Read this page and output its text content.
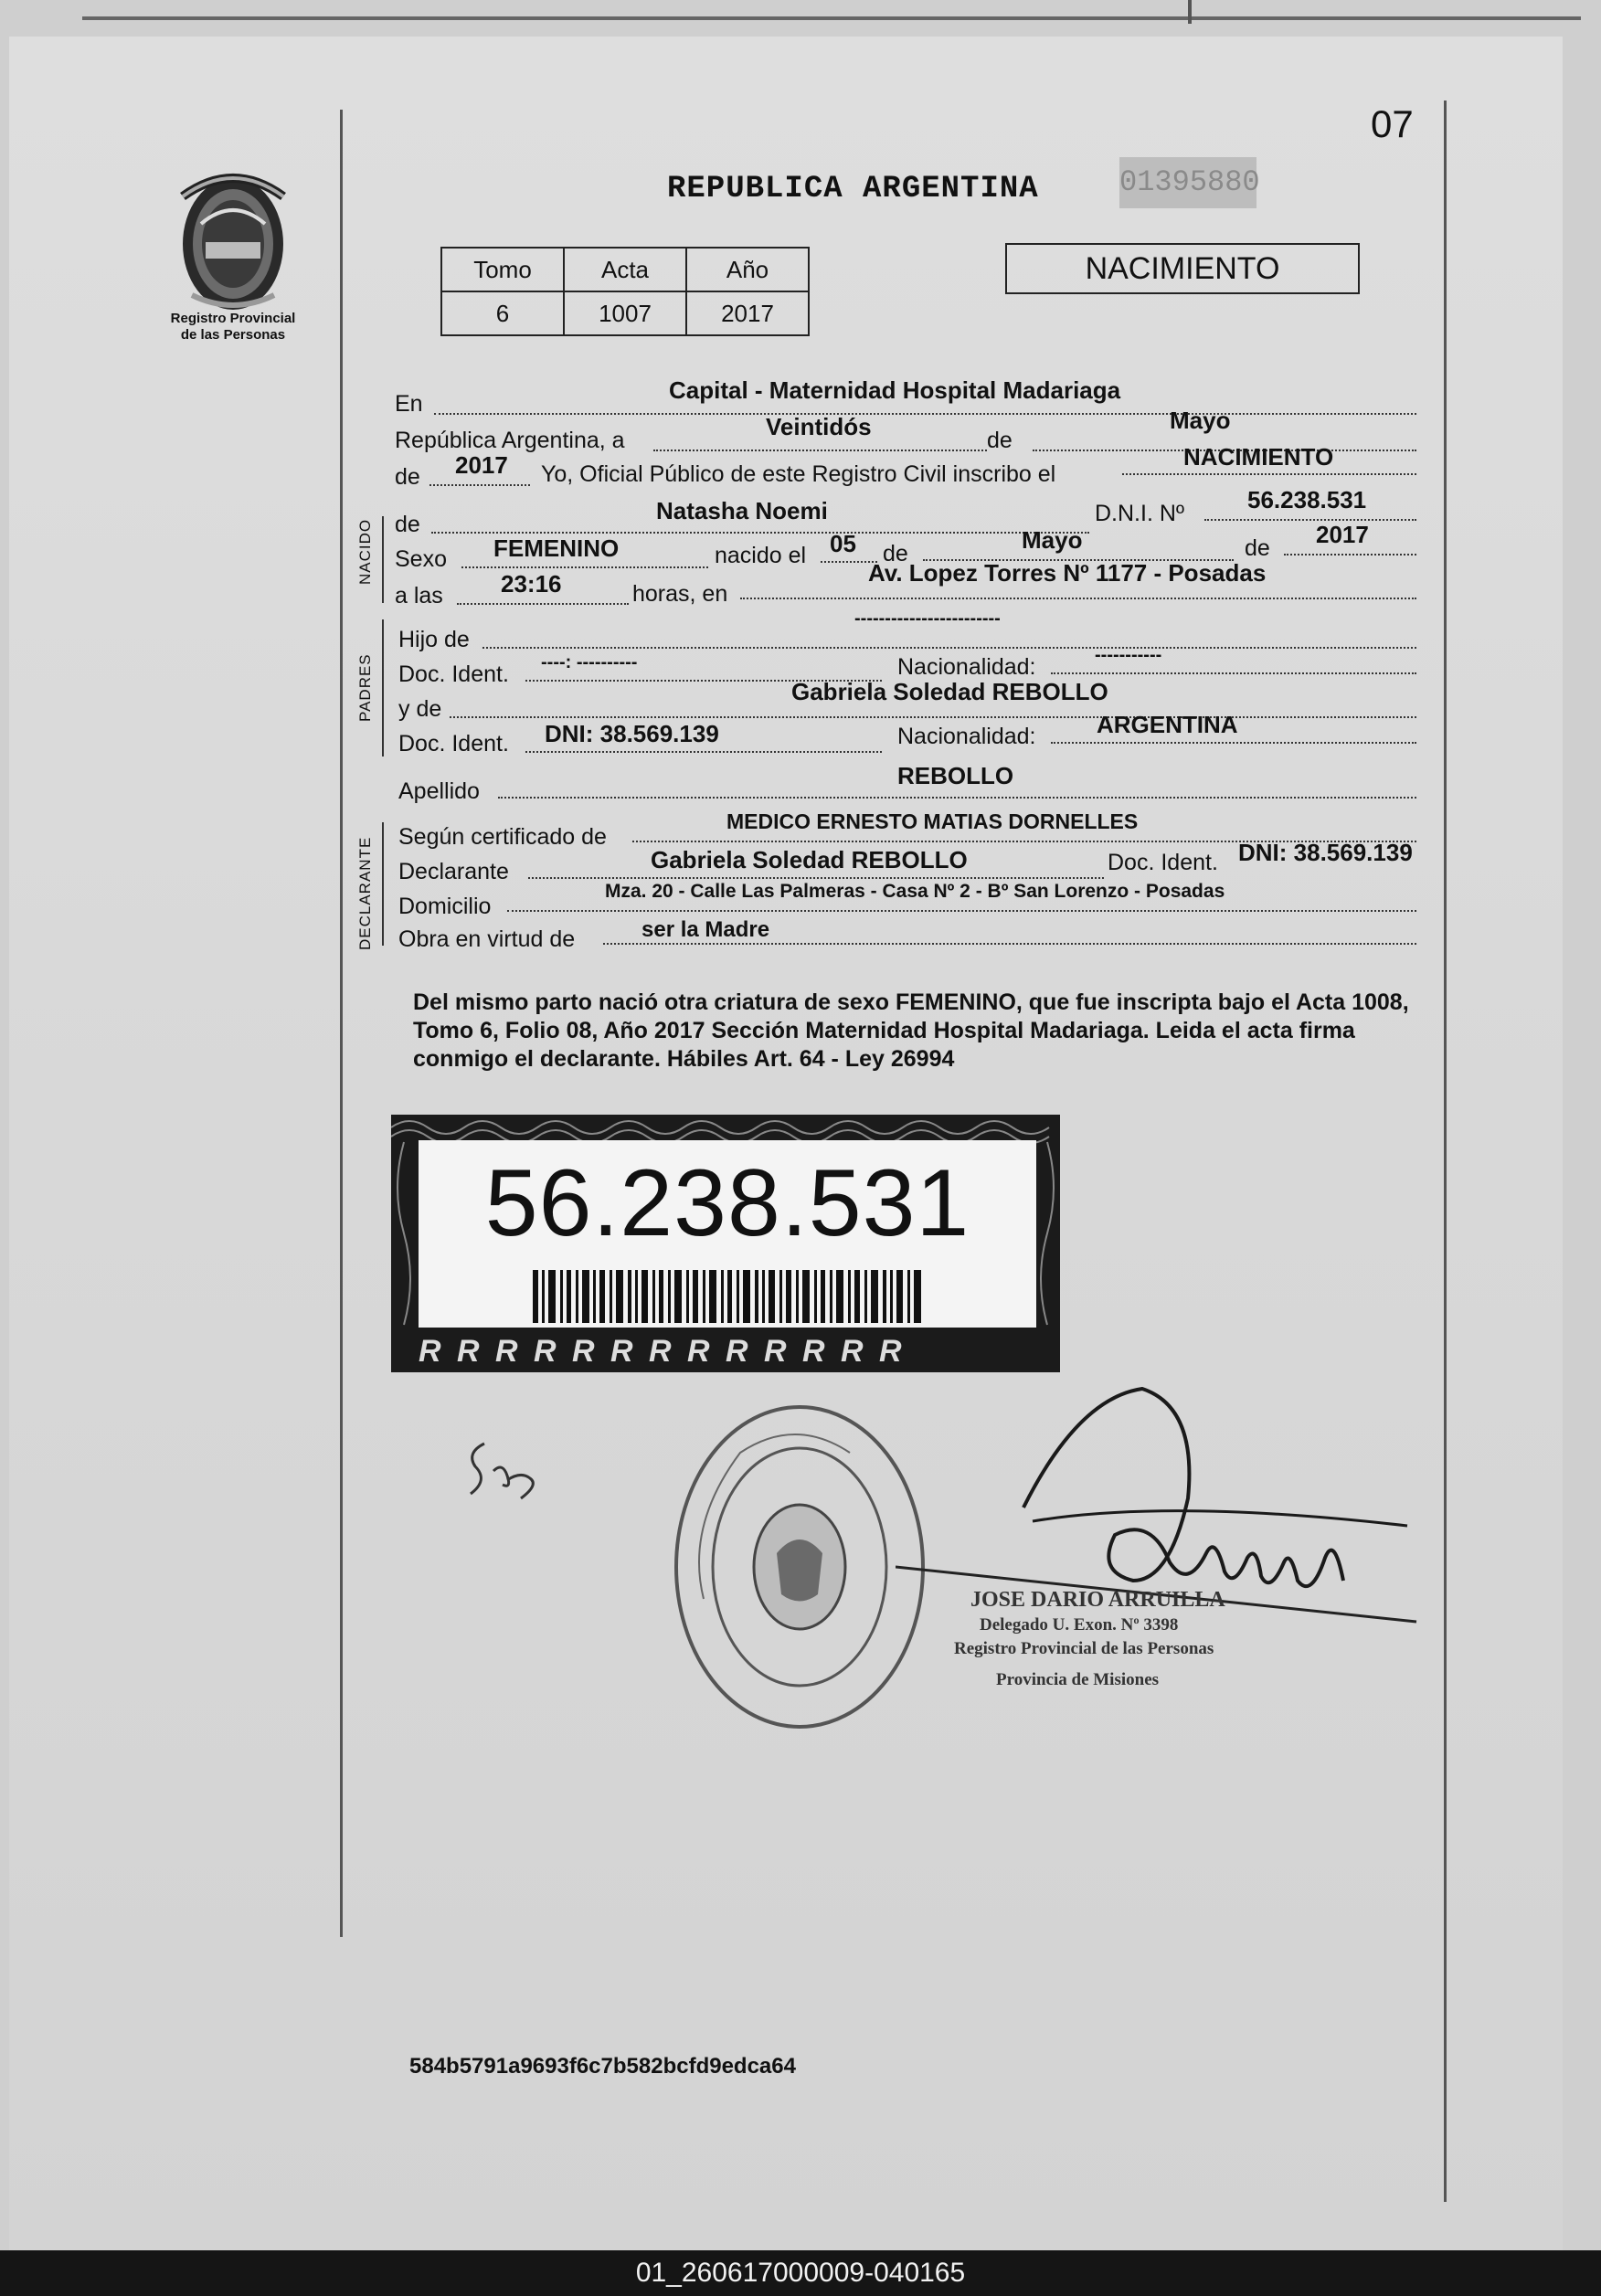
07
Registro Provincial
de las Personas
REPUBLICA ARGENTINA	01395880
Tomo	Acta	Año
6	1007	2017
NACIMIENTO
En	Capital - Maternidad Hospital Madariaga
República Argentina, a	Veintidós	de
Mayo
de 2017 Yo, Oficial Público de este Registro Civil inscribo el
NACIMIENTO
NACIDO de	Natasha Noemi	D.N.I. Nº	56.238.531
Sexo FEMENINO	nacido el 05 de	Mayo	de 2017
a las 23:16	horas, en
Av. Lopez Torres Nº 1177 - Posadas
PADRES
Hijo de
------------------------
Doc. Ident. ----: ----------	Nacionalidad:	-----------
y de
Gabriela Soledad REBOLLO
Doc. Ident. DNI: 38.569.139	Nacionalidad:	ARGENTINA
Apellido
REBOLLO
DECLARANTE Según certificado de
MEDICO ERNESTO MATIAS DORNELLES
Declarante	Gabriela Soledad REBOLLO	Doc. Ident. DNI: 38.569.139
Domicilio
Mza. 20 - Calle Las Palmeras - Casa Nº 2 - Bº San Lorenzo - Posadas
Obra en virtud de	ser la Madre
Del mismo parto nació otra criatura de sexo FEMENINO, que fue inscripta bajo el Acta 1008, Tomo 6, Folio 08, Año 2017 Sección Maternidad Hospital Madariaga. Leida el acta firma conmigo el declarante. Hábiles Art. 64 - Ley 26994
56.238.531
R R R R R R R R R R R R R
JOSE DARIO ARRUILLA
Delegado U. Exon. Nº 3398
Registro Provincial de las Personas
Provincia de Misiones
584b5791a9693f6c7b582bcfd9edca64
01_260617000009-040165
